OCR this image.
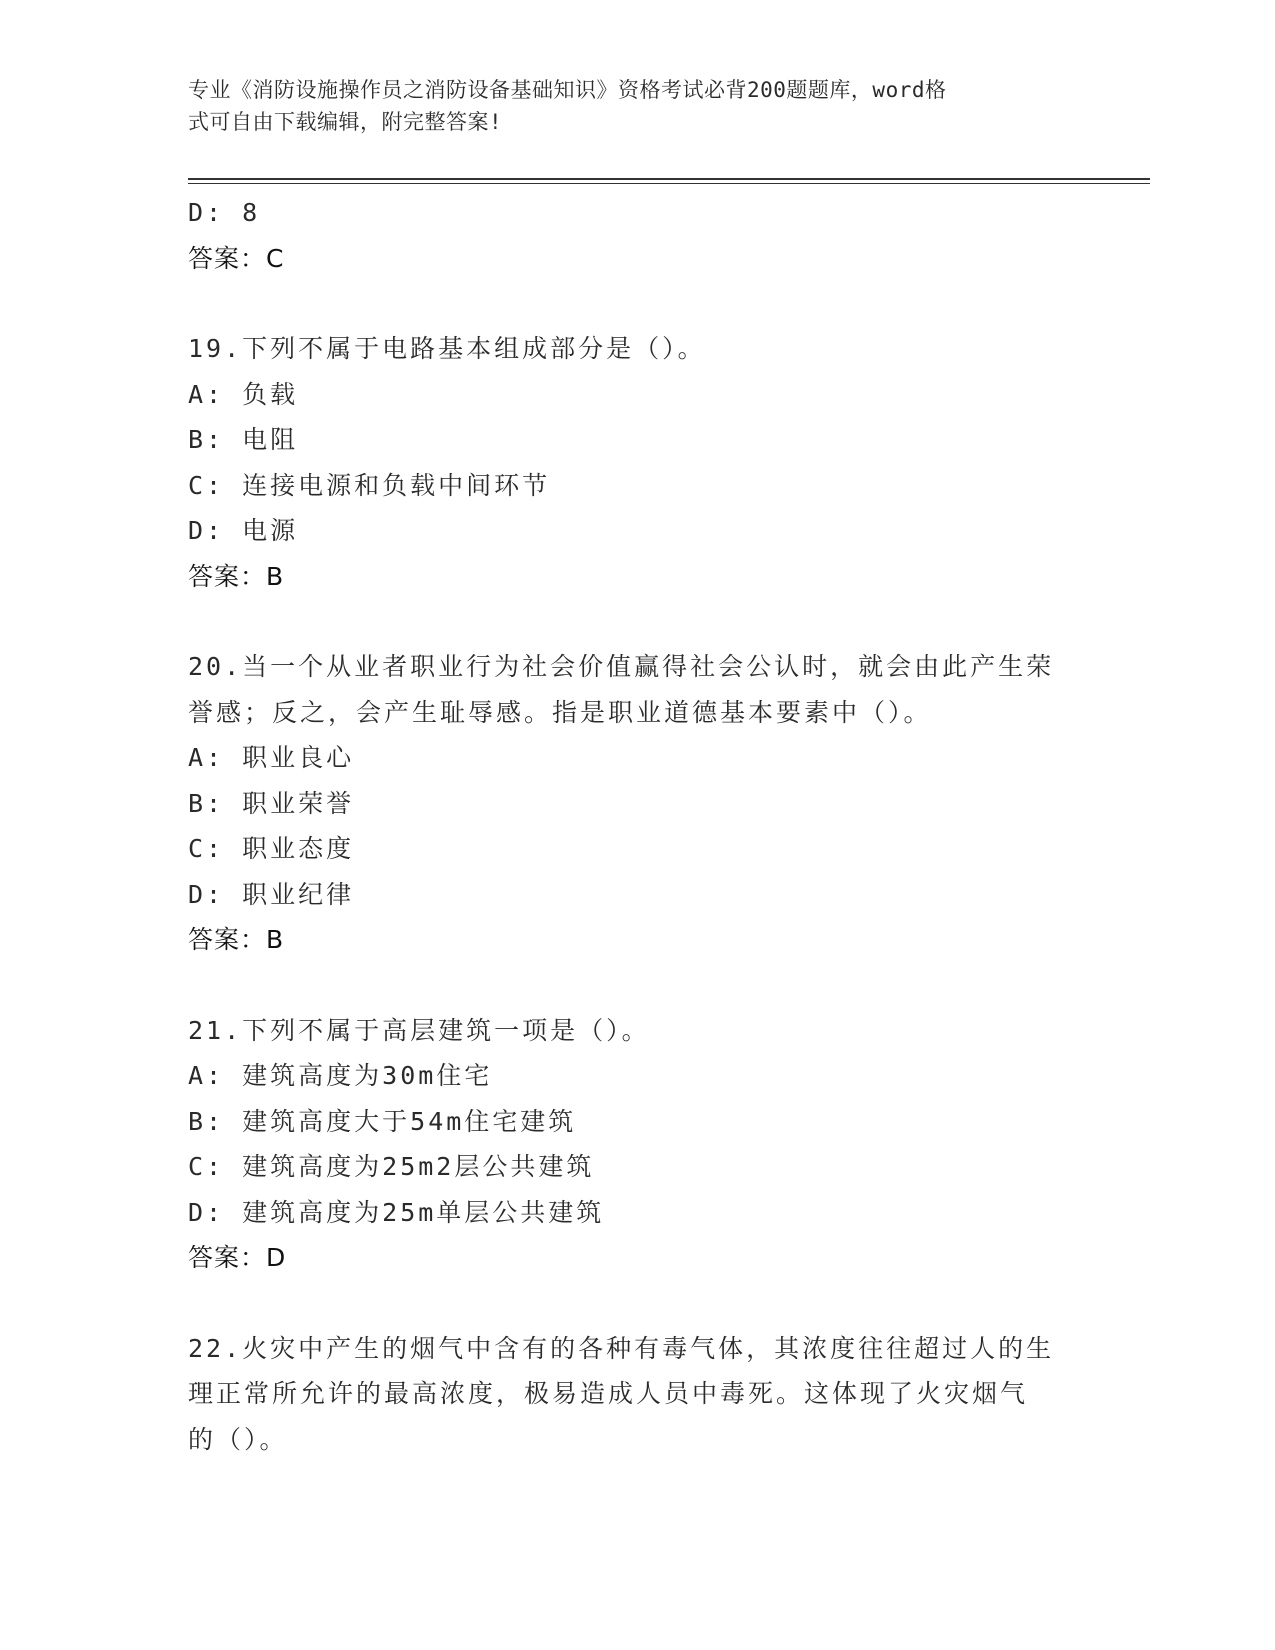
专业《消防设施操作员之消防设备基础知识》资格考试必背200题题库，word格
式可自由下载编辑，附完整答案!
D: 8
答案：C
19.下列不属于电路基本组成部分是（）。
A: 负载
B: 电阻
C: 连接电源和负载中间环节
D: 电源
答案：B
20.当一个从业者职业行为社会价值赢得社会公认时，就会由此产生荣
誉感；反之，会产生耻辱感。指是职业道德基本要素中（）。
A: 职业良心
B: 职业荣誉
C: 职业态度
D: 职业纪律
答案：B
21.下列不属于高层建筑一项是（）。
A: 建筑高度为30m住宅
B: 建筑高度大于54m住宅建筑
C: 建筑高度为25m2层公共建筑
D: 建筑高度为25m单层公共建筑
答案：D
22.火灾中产生的烟气中含有的各种有毒气体，其浓度往往超过人的生
理正常所允许的最高浓度，极易造成人员中毒死。这体现了火灾烟气
的（）。
